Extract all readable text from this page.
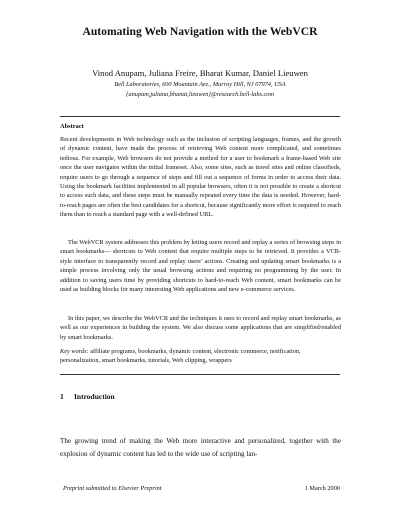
Automating Web Navigation with the WebVCR
Vinod Anupam, Juliana Freire, Bharat Kumar, Daniel Lieuwen
Bell Laboratories, 600 Mountain Ave., Murray Hill, NJ 07974, USA
{anupam,juliana,bhanat,lieuwen}@research.bell-labs.com
Abstract

Recent developments in Web technology such as the inclusion of scripting languages, frames, and the growth of dynamic content, have made the process of retrieving Web content more complicated, and sometimes tedious. For example, Web browsers do not provide a method for a user to bookmark a frame-based Web site once the user navigates within the initial frameset. Also, some sites, such as travel sites and online classifieds, require users to go through a sequence of steps and fill out a sequence of forms in order to access their data. Using the bookmark facilities implemented in all popular browsers, often it is not possible to create a shortcut to access such data, and these steps must be manually repeated every time the data is needed. However, hard-to-reach pages are often the best candidates for a shortcut, because significantly more effort is required to reach them than to reach a standard page with a well-defined URL.

The WebVCR system addresses this problem by letting users record and replay a series of browsing steps in smart bookmarks— shortcuts to Web content that require multiple steps to be retrieved. It provides a VCR-style interface to transparently record and replay users’ actions. Creating and updating smart bookmarks is a simple process involving only the usual browsing actions and requiring no programming by the user. In addition to saving users time by providing shortcuts to hard-to-reach Web content, smart bookmarks can be used as building blocks for many interesting Web applications and new e-commerce services.

In this paper, we describe the WebVCR and the techniques it uses to record and replay smart bookmarks, as well as our experiences in building the system. We also discuss some applications that are simplified/enabled by smart bookmarks.

Key words: affiliate programs, bookmarks, dynamic content, electronic commerce, notification, personalization, smart bookmarks, tutorials, Web clipping, wrappers

1 Introduction

The growing trend of making the Web more interactive and personalized, together with the explosion of dynamic content has led to the wide use of scripting lan-

Preprint submitted to Elsevier Preprint	1 March 2000
